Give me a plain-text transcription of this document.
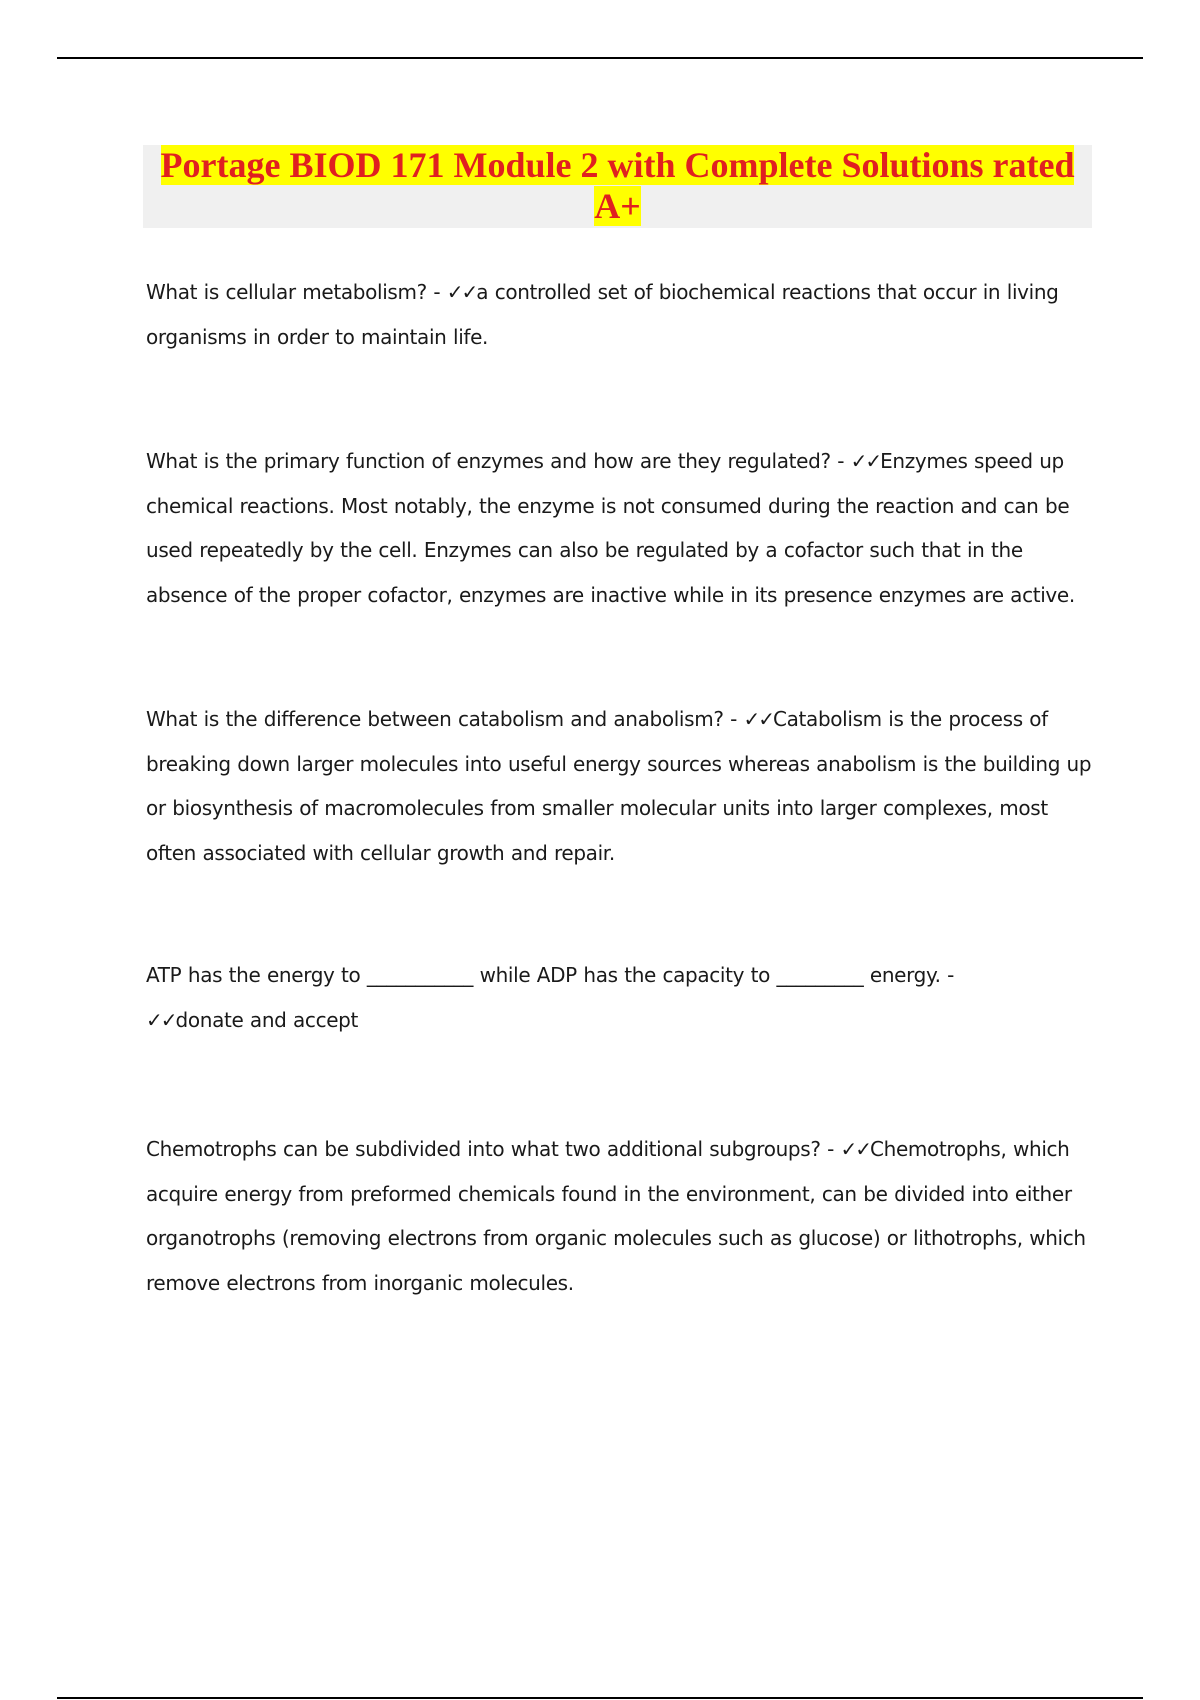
Portage BIOD 171 Module 2 with Complete Solutions rated A+

What is cellular metabolism? - ✓✓a controlled set of biochemical reactions that occur in living organisms in order to maintain life.

What is the primary function of enzymes and how are they regulated? - ✓✓Enzymes speed up chemical reactions. Most notably, the enzyme is not consumed during the reaction and can be used repeatedly by the cell. Enzymes can also be regulated by a cofactor such that in the absence of the proper cofactor, enzymes are inactive while in its presence enzymes are active.

What is the difference between catabolism and anabolism? - ✓✓Catabolism is the process of breaking down larger molecules into useful energy sources whereas anabolism is the building up or biosynthesis of macromolecules from smaller molecular units into larger complexes, most often associated with cellular growth and repair.

ATP has the energy to ___________ while ADP has the capacity to _________ energy. -
✓✓donate and accept

Chemotrophs can be subdivided into what two additional subgroups? - ✓✓Chemotrophs, which acquire energy from preformed chemicals found in the environment, can be divided into either organotrophs (removing electrons from organic molecules such as glucose) or lithotrophs, which remove electrons from inorganic molecules.
